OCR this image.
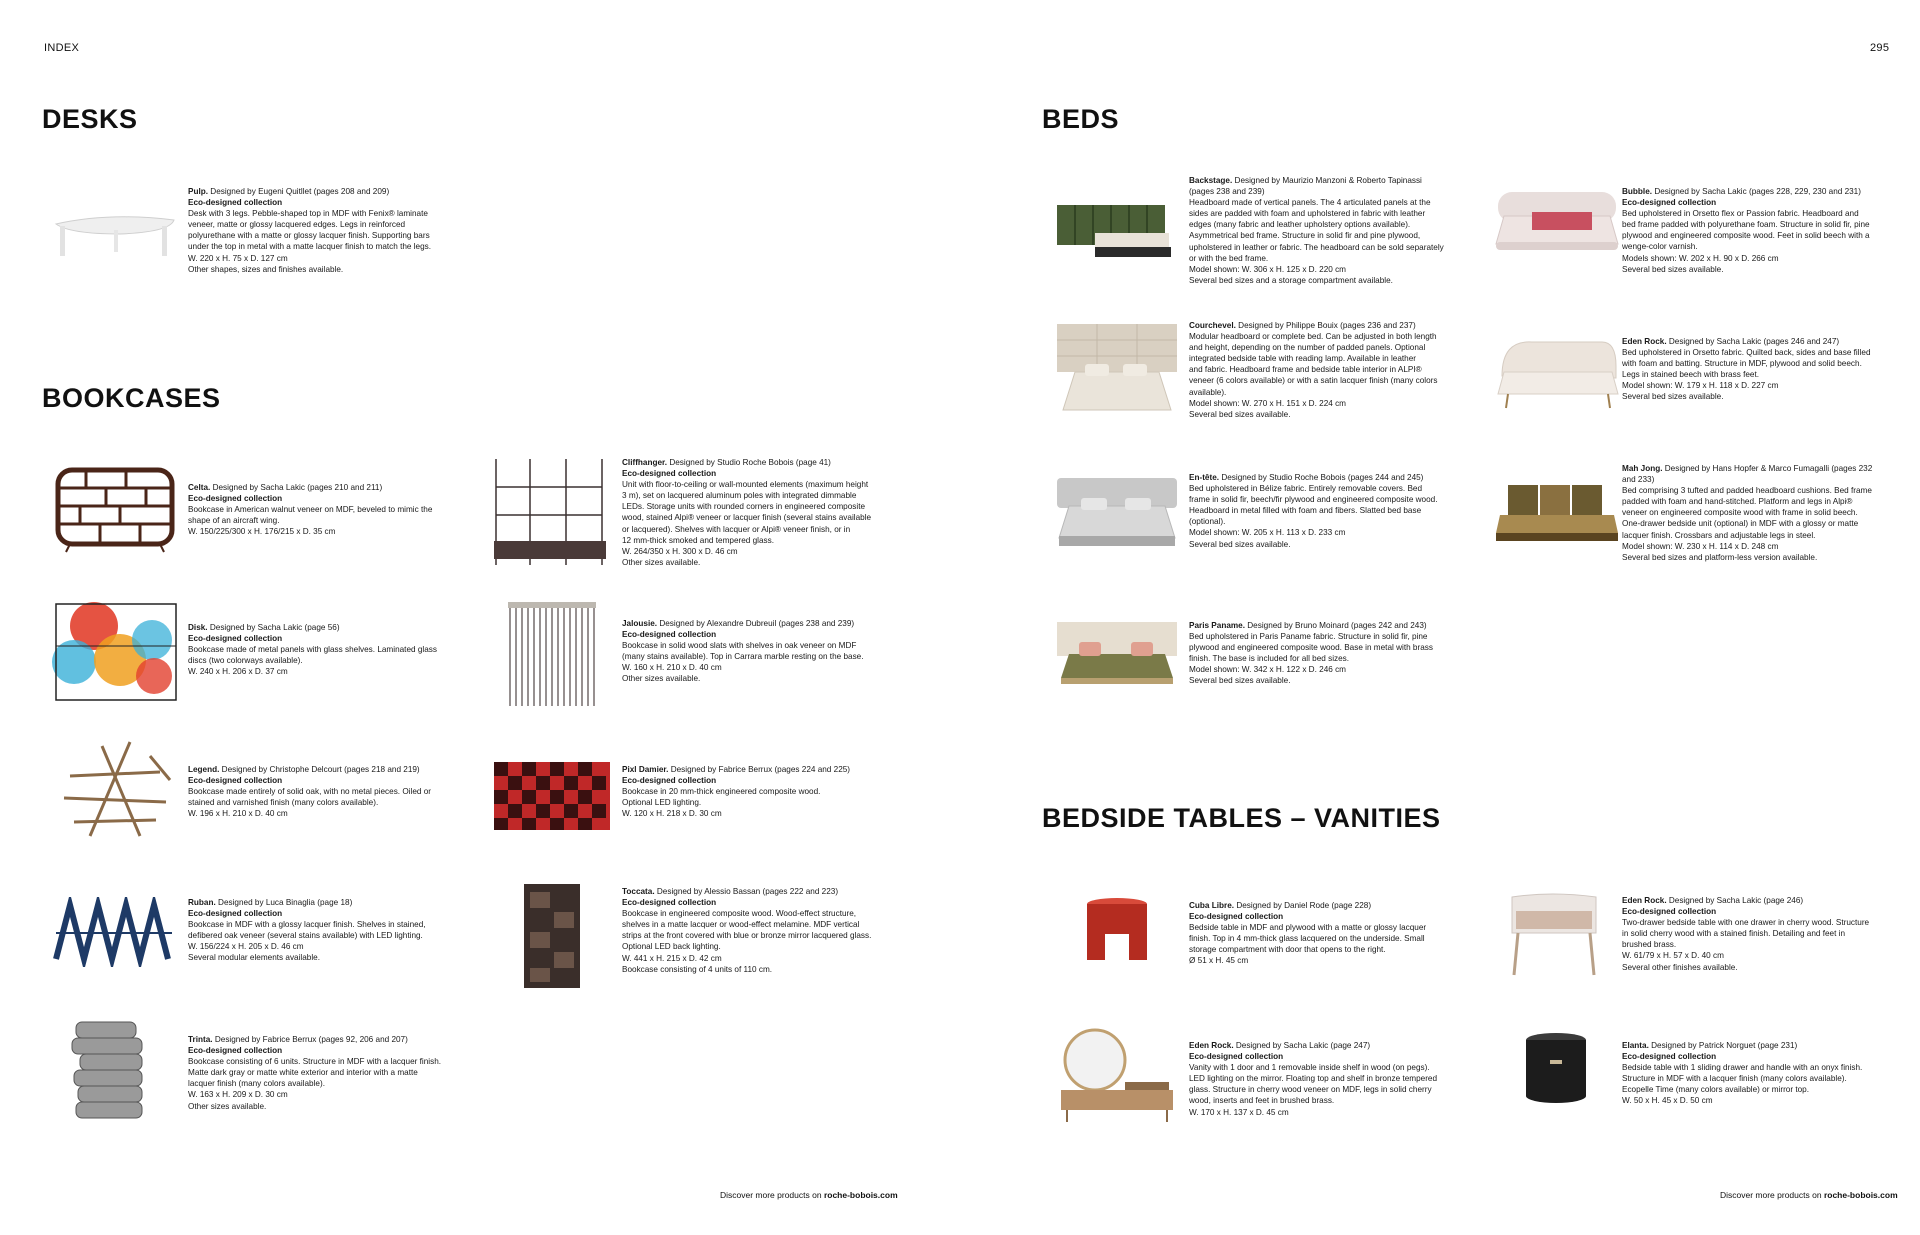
INDEX	295
DESKS
BOOKCASES
BEDS
BEDSIDE TABLES – VANITIES

Pulp. Designed by Eugeni Quitllet (pages 208 and 209)

Eco-designed collection

Desk with 3 legs. Pebble-shaped top in MDF with Fenix® laminate

veneer, matte or glossy lacquered edges. Legs in reinforced

polyurethane with a matte or glossy lacquer finish. Supporting bars

under the top in metal with a matte lacquer finish to match the legs.

W. 220 x H. 75 x D. 127 cm

Other shapes, sizes and finishes available.

Celta. Designed by Sacha Lakic (pages 210 and 211)

Eco-designed collection

Bookcase in American walnut veneer on MDF, beveled to mimic the

shape of an aircraft wing.

W. 150/225/300 x H. 176/215 x D. 35 cm

Disk. Designed by Sacha Lakic (page 56)

Eco-designed collection

Bookcase made of metal panels with glass shelves. Laminated glass

discs (two colorways available).

W. 240 x H. 206 x D. 37 cm

Legend. Designed by Christophe Delcourt (pages 218 and 219)

Eco-designed collection

Bookcase made entirely of solid oak, with no metal pieces. Oiled or

stained and varnished finish (many colors available).

W. 196 x H. 210 x D. 40 cm

Ruban. Designed by Luca Binaglia (page 18)

Eco-designed collection

Bookcase in MDF with a glossy lacquer finish. Shelves in stained,

defibered oak veneer (several stains available) with LED lighting.

W. 156/224 x H. 205 x D. 46 cm

Several modular elements available.

Trinta. Designed by Fabrice Berrux (pages 92, 206 and 207)

Eco-designed collection

Bookcase consisting of 6 units. Structure in MDF with a lacquer finish.

Matte dark gray or matte white exterior and interior with a matte

lacquer finish (many colors available).

W. 163 x H. 209 x D. 30 cm

Other sizes available.

Cliffhanger. Designed by Studio Roche Bobois (page 41)

Eco-designed collection

Unit with floor-to-ceiling or wall-mounted elements (maximum height

3 m), set on lacquered aluminum poles with integrated dimmable

LEDs. Storage units with rounded corners in engineered composite

wood, stained Alpi® veneer or lacquer finish (several stains available

or lacquered). Shelves with lacquer or Alpi® veneer finish, or in

12 mm-thick smoked and tempered glass.

W. 264/350 x H. 300 x D. 46 cm

Other sizes available.

Jalousie. Designed by Alexandre Dubreuil (pages 238 and 239)

Eco-designed collection

Bookcase in solid wood slats with shelves in oak veneer on MDF

(many stains available). Top in Carrara marble resting on the base.

W. 160 x H. 210 x D. 40 cm

Other sizes available.

Pixl Damier. Designed by Fabrice Berrux (pages 224 and 225)

Eco-designed collection

Bookcase in 20 mm-thick engineered composite wood.

Optional LED lighting.

W. 120 x H. 218 x D. 30 cm

Toccata. Designed by Alessio Bassan (pages 222 and 223)

Eco-designed collection

Bookcase in engineered composite wood. Wood-effect structure,

shelves in a matte lacquer or wood-effect melamine. MDF vertical

strips at the front covered with blue or bronze mirror lacquered glass.

Optional LED back lighting.

W. 441 x H. 215 x D. 42 cm

Bookcase consisting of 4 units of 110 cm.

Backstage. Designed by Maurizio Manzoni & Roberto Tapinassi

(pages 238 and 239)

Headboard made of vertical panels. The 4 articulated panels at the

sides are padded with foam and upholstered in fabric with leather

edges (many fabric and leather upholstery options available).

Asymmetrical bed frame. Structure in solid fir and pine plywood,

upholstered in leather or fabric. The headboard can be sold separately

or with the bed frame.

Model shown: W. 306 x H. 125 x D. 220 cm

Several bed sizes and a storage compartment available.

Courchevel. Designed by Philippe Bouix (pages 236 and 237)

Modular headboard or complete bed. Can be adjusted in both length

and height, depending on the number of padded panels. Optional

integrated bedside table with reading lamp. Available in leather

and fabric. Headboard frame and bedside table interior in ALPI®

veneer (6 colors available) or with a satin lacquer finish (many colors

available).

Model shown: W. 270 x H. 151 x D. 224 cm

Several bed sizes available.

En-tête. Designed by Studio Roche Bobois (pages 244 and 245)

Bed upholstered in Bélize fabric. Entirely removable covers. Bed

frame in solid fir, beech/fir plywood and engineered composite wood.

Headboard in metal filled with foam and fibers. Slatted bed base

(optional).

Model shown: W. 205 x H. 113 x D. 233 cm

Several bed sizes available.

Paris Paname. Designed by Bruno Moinard (pages 242 and 243)

Bed upholstered in Paris Paname fabric. Structure in solid fir, pine

plywood and engineered composite wood. Base in metal with brass

finish. The base is included for all bed sizes.

Model shown: W. 342 x H. 122 x D. 246 cm

Several bed sizes available.

Bubble. Designed by Sacha Lakic (pages 228, 229, 230 and 231)

Eco-designed collection

Bed upholstered in Orsetto flex or Passion fabric. Headboard and

bed frame padded with polyurethane foam. Structure in solid fir, pine

plywood and engineered composite wood. Feet in solid beech with a

wenge-color varnish.

Models shown: W. 202 x H. 90 x D. 266 cm

Several bed sizes available.

Eden Rock. Designed by Sacha Lakic (pages 246 and 247)

Bed upholstered in Orsetto fabric. Quilted back, sides and base filled

with foam and batting. Structure in MDF, plywood and solid beech.

Legs in stained beech with brass feet.

Model shown: W. 179 x H. 118 x D. 227 cm

Several bed sizes available.

Mah Jong. Designed by Hans Hopfer & Marco Fumagalli (pages 232

and 233)

Bed comprising 3 tufted and padded headboard cushions. Bed frame

padded with foam and hand-stitched. Platform and legs in Alpi®

veneer on engineered composite wood with frame in solid beech.

One-drawer bedside unit (optional) in MDF with a glossy or matte

lacquer finish. Crossbars and adjustable legs in steel.

Model shown: W. 230 x H. 114 x D. 248 cm

Several bed sizes and platform-less version available.

Cuba Libre. Designed by Daniel Rode (page 228)

Eco-designed collection

Bedside table in MDF and plywood with a matte or glossy lacquer

finish. Top in 4 mm-thick glass lacquered on the underside. Small

storage compartment with door that opens to the right.

Ø 51 x H. 45 cm

Eden Rock. Designed by Sacha Lakic (page 247)

Eco-designed collection

Vanity with 1 door and 1 removable inside shelf in wood (on pegs).

LED lighting on the mirror. Floating top and shelf in bronze tempered

glass. Structure in cherry wood veneer on MDF, legs in solid cherry

wood, inserts and feet in brushed brass.

W. 170 x H. 137 x D. 45 cm

Eden Rock. Designed by Sacha Lakic (page 246)

Eco-designed collection

Two-drawer bedside table with one drawer in cherry wood. Structure

in solid cherry wood with a stained finish. Detailing and feet in

brushed brass.

W. 61/79 x H. 57 x D. 40 cm

Several other finishes available.

Elanta. Designed by Patrick Norguet (page 231)

Eco-designed collection

Bedside table with 1 sliding drawer and handle with an onyx finish.

Structure in MDF with a lacquer finish (many colors available).

Ecopelle Time (many colors available) or mirror top.

W. 50 x H. 45 x D. 50 cm

Discover more products on roche-bobois.com	Discover more products on roche-bobois.com
